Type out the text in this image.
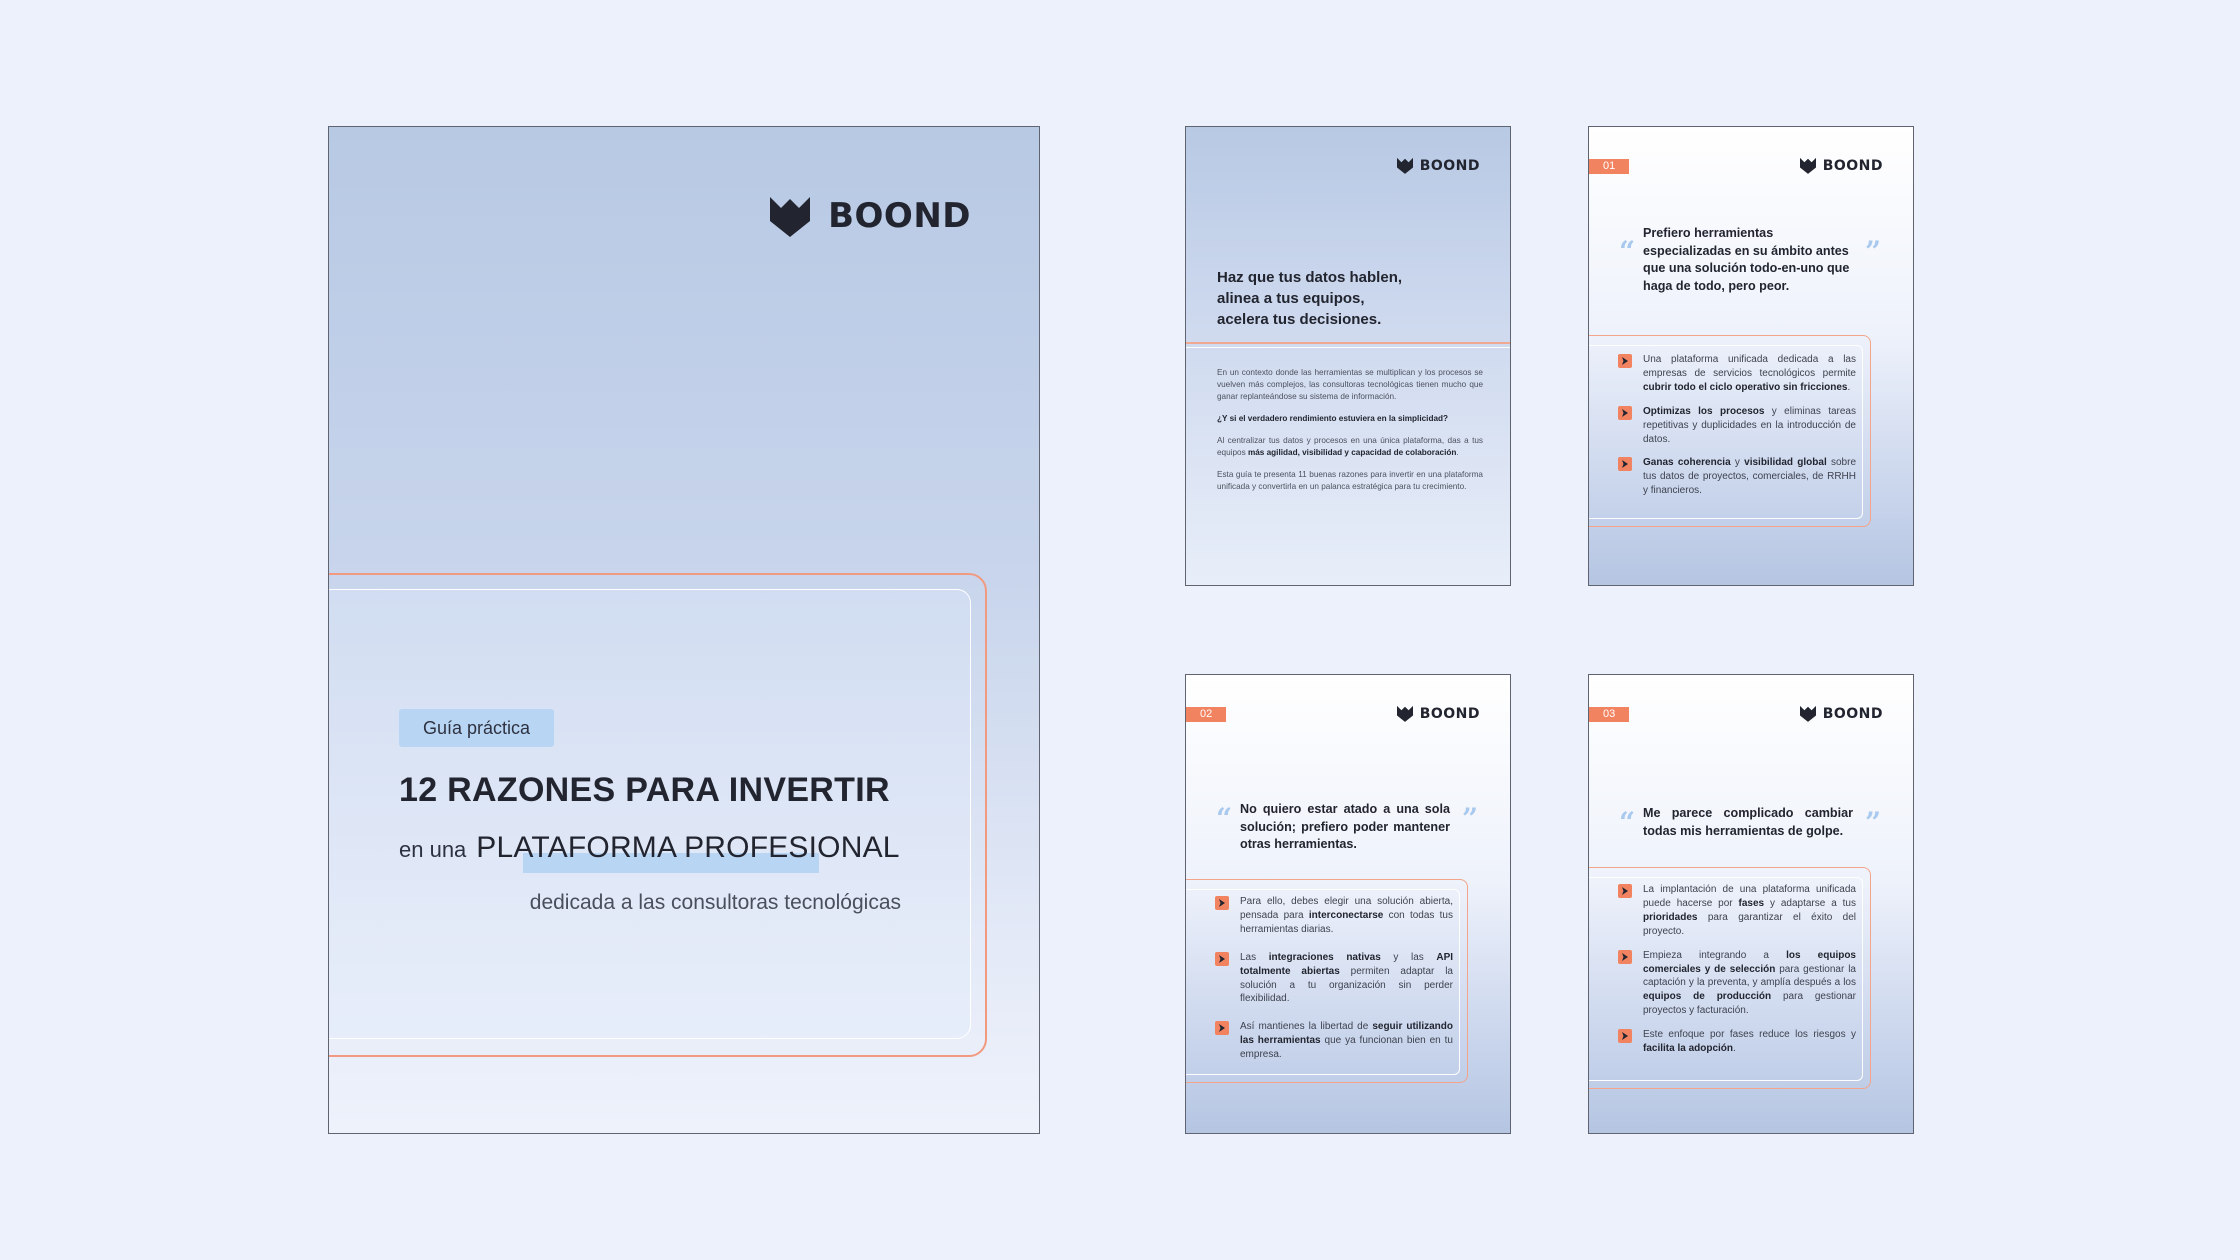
BOOND
Guía práctica
12 RAZONES PARA INVERTIR
en una PLATAFORMA PROFESIONAL
dedicada a las consultoras tecnológicas
BOOND
Haz que tus datos hablen,
alinea a tus equipos,
acelera tus decisiones.

En un contexto donde las herramientas se multiplican y los procesos se vuelven más complejos, las consultoras tecnológicas tienen mucho que ganar replanteándose su sistema de información.

¿Y si el verdadero rendimiento estuviera en la simplicidad?

Al centralizar tus datos y procesos en una única plataforma, das a tus equipos más agilidad, visibilidad y capacidad de colaboración.

Esta guía te presenta 11 buenas razones para invertir en una plataforma unificada y convertirla en un palanca estratégica para tu crecimiento.

01	BOOND
“
Prefiero herramientas especializadas en su ámbito antes que una solución todo-en-uno que haga de todo, pero peor.
”
Una plataforma unificada dedicada a las empresas de servicios tecnológicos permite cubrir todo el ciclo operativo sin fricciones.
Optimizas los procesos y eliminas tareas repetitivas y duplicidades en la introducción de datos.
Ganas coherencia y visibilidad global sobre tus datos de proyectos, comerciales, de RRHH y financieros.
02	BOOND
“ No quiero estar atado a una sola solución; prefiero poder mantener otras herramientas.
”
Para ello, debes elegir una solución abierta, pensada para interconectarse con todas tus herramientas diarias.
Las integraciones nativas y las API totalmente abiertas permiten adaptar la solución a tu organización sin perder flexibilidad.
Así mantienes la libertad de seguir utilizando las herramientas que ya funcionan bien en tu empresa.
03	BOOND
“ Me parece complicado cambiar todas mis herramientas de golpe. ”
La implantación de una plataforma unificada puede hacerse por fases y adaptarse a tus prioridades para garantizar el éxito del proyecto.
Empieza integrando a los equipos comerciales y de selección para gestionar la captación y la preventa, y amplía después a los equipos de producción para gestionar proyectos y facturación.
Este enfoque por fases reduce los riesgos y facilita la adopción.
